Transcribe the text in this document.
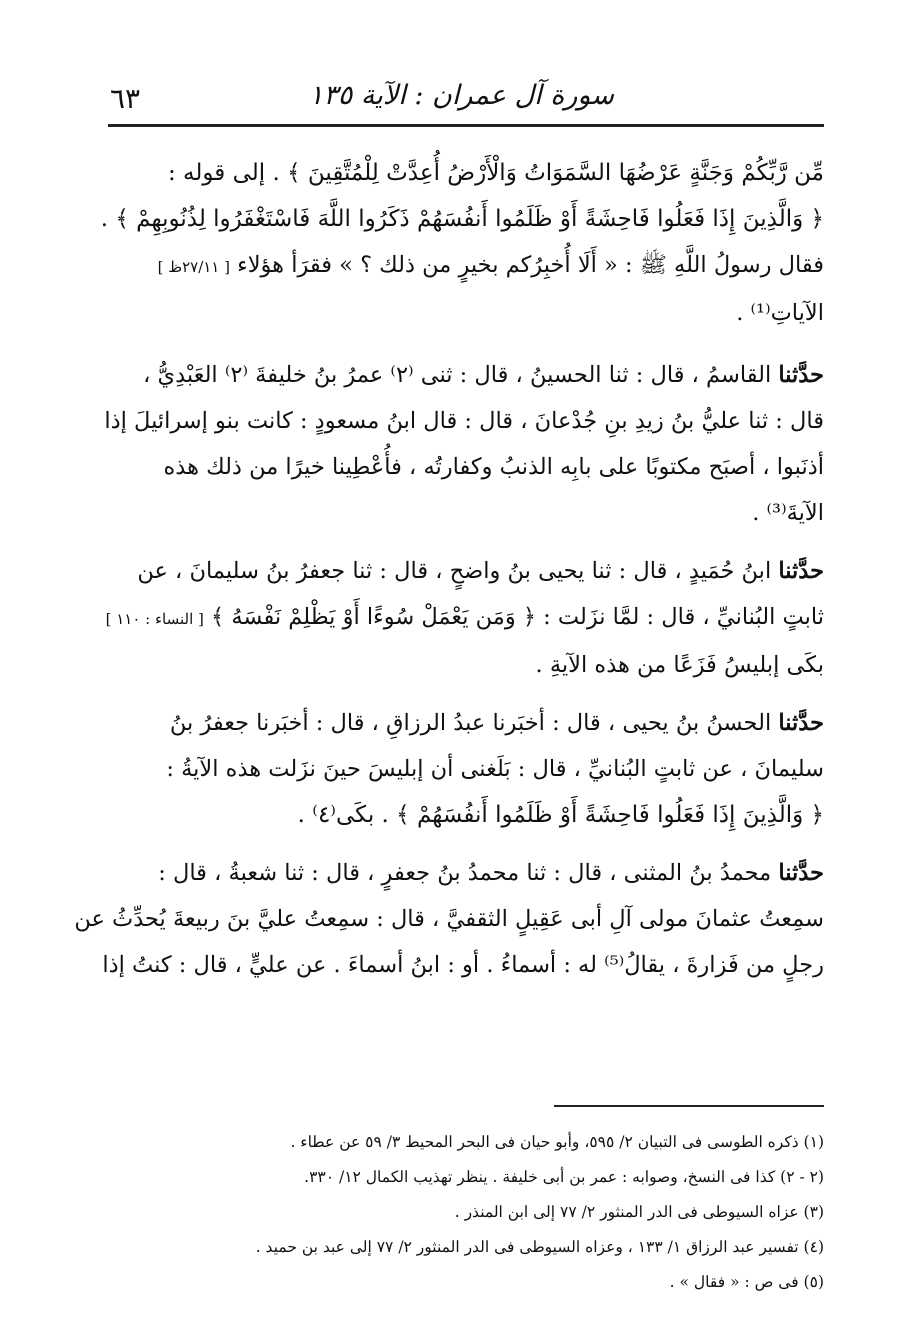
٦٣	سورة آل عمران : الآية ١٣٥

مِّن رَّبِّكُمْ وَجَنَّةٍ عَرْضُهَا السَّمَوَاتُ وَالْأَرْضُ أُعِدَّتْ لِلْمُتَّقِينَ ﴾ . إلى قوله :
﴿ وَالَّذِينَ إِذَا فَعَلُوا فَاحِشَةً أَوْ ظَلَمُوا أَنفُسَهُمْ ذَكَرُوا اللَّهَ فَاسْتَغْفَرُوا لِذُنُوبِهِمْ ﴾ .
فقال رسولُ اللَّهِ ﷺ : « أَلَا أُخبِرُكم بخيرٍ من ذلك ؟ » فقرَأ هؤلاء [ ٢٧/١١ظ ]
الآياتِ⁽¹⁾ .

حدَّثنا القاسمُ ، قال : ثنا الحسينُ ، قال : ثنى ⁽٢⁾ عمرُ بنُ خليفةَ ⁽٢⁾ العَبْدِيُّ ،
قال : ثنا عليُّ بنُ زيدِ بنِ جُدْعانَ ، قال : قال ابنُ مسعودٍ : كانت بنو إسرائيلَ إذا
أذنَبوا ، أصبَح مكتوبًا على بابِه الذنبُ وكفارتُه ، فأُعْطِينا خيرًا من ذلك هذه
الآيةَ⁽³⁾ .

حدَّثنا ابنُ حُمَيدٍ ، قال : ثنا يحيى بنُ واضحٍ ، قال : ثنا جعفرُ بنُ سليمانَ ، عن
ثابتٍ البُنانيِّ ، قال : لمَّا نزَلت : ﴿ وَمَن يَعْمَلْ سُوءًا أَوْ يَظْلِمْ نَفْسَهُ ﴾ [ النساء : ١١٠ ]
بكَى إبليسُ فَزَعًا من هذه الآيةِ .

حدَّثنا الحسنُ بنُ يحيى ، قال : أخبَرنا عبدُ الرزاقِ ، قال : أخبَرنا جعفرُ بنُ
سليمانَ ، عن ثابتٍ البُنانيِّ ، قال : بَلَغنى أن إبليسَ حينَ نزَلت هذه الآيةُ :
﴿ وَالَّذِينَ إِذَا فَعَلُوا فَاحِشَةً أَوْ ظَلَمُوا أَنفُسَهُمْ ﴾ . بكَى⁽٤⁾ .

حدَّثنا محمدُ بنُ المثنى ، قال : ثنا محمدُ بنُ جعفرٍ ، قال : ثنا شعبةُ ، قال :
سمِعتُ عثمانَ مولى آلِ أبى عَقِيلٍ الثقفيَّ ، قال : سمِعتُ عليَّ بنَ ربيعةَ يُحدِّثُ عن
رجلٍ من فَزارةَ ، يقالُ⁽⁵⁾ له : أسماءُ . أو : ابنُ أسماءَ . عن عليٍّ ، قال : كنتُ إذا

(١) ذكره الطوسى فى التبيان ٢/ ٥٩٥، وأبو حيان فى البحر المحيط ٣/ ٥٩ عن عطاء .
(٢ - ٢) كذا فى النسخ، وصوابه : عمر بن أبى خليفة . ينظر تهذيب الكمال ١٢/ ٣٣٠.
(٣) عزاه السيوطى فى الدر المنثور ٢/ ٧٧ إلى ابن المنذر .
(٤) تفسير عبد الرزاق ١/ ١٣٣ ، وعزاه السيوطى فى الدر المنثور ٢/ ٧٧ إلى عبد بن حميد .
(٥) فى ص : « فقال » .
